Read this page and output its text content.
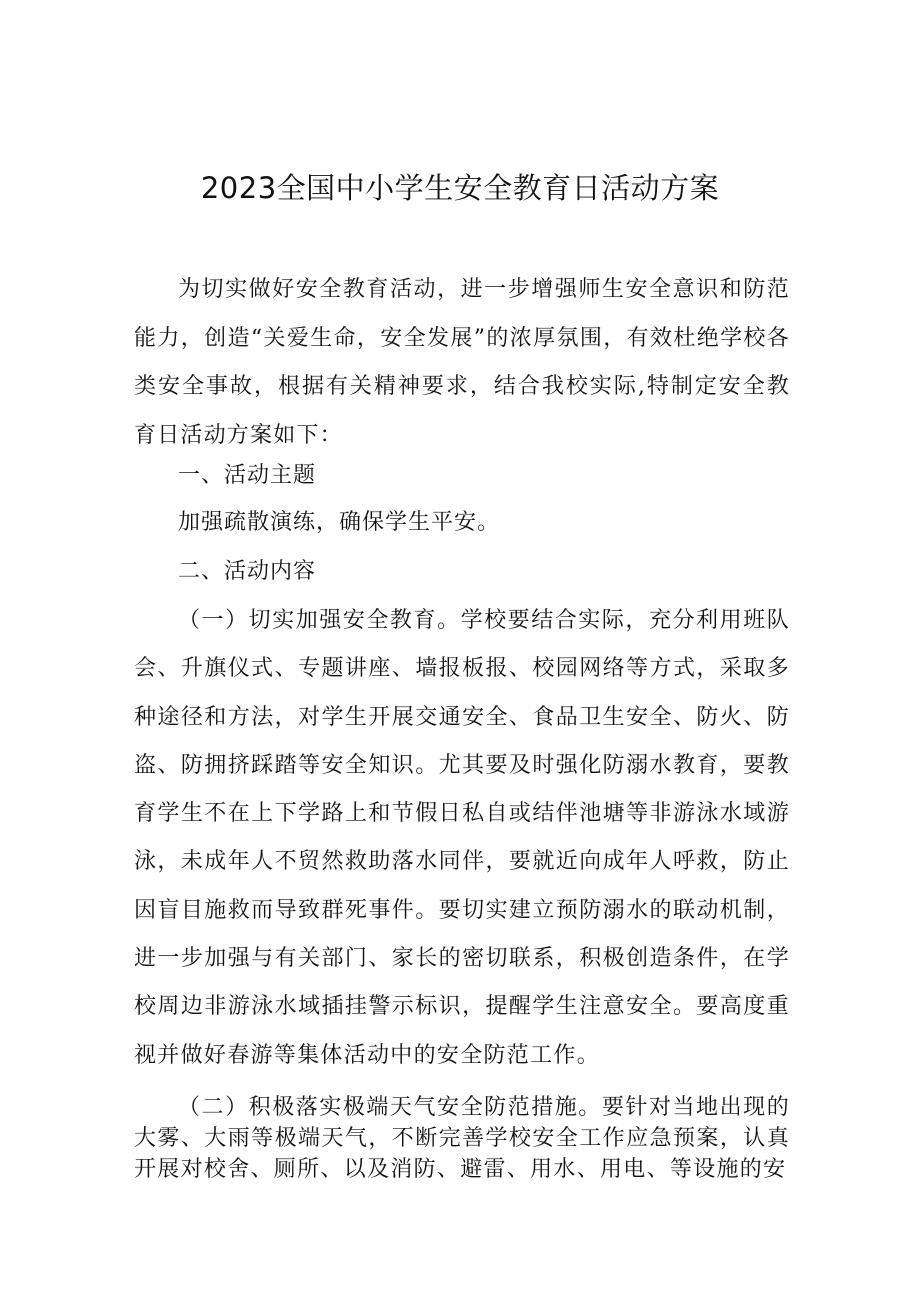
2023全国中小学生安全教育日活动方案

为切实做好安全教育活动，进一步增强师生安全意识和防范能力，创造“关爱生命，安全发展”的浓厚氛围，有效杜绝学校各类安全事故，根据有关精神要求，结合我校实际,特制定安全教育日活动方案如下：

一、活动主题

加强疏散演练，确保学生平安。

二、活动内容

（一）切实加强安全教育。学校要结合实际，充分利用班队会、升旗仪式、专题讲座、墙报板报、校园网络等方式，采取多种途径和方法，对学生开展交通安全、食品卫生安全、防火、防盗、防拥挤踩踏等安全知识。尤其要及时强化防溺水教育，要教育学生不在上下学路上和节假日私自或结伴池塘等非游泳水域游泳，未成年人不贸然救助落水同伴，要就近向成年人呼救，防止因盲目施救而导致群死事件。要切实建立预防溺水的联动机制，进一步加强与有关部门、家长的密切联系，积极创造条件，在学校周边非游泳水域插挂警示标识，提醒学生注意安全。要高度重视并做好春游等集体活动中的安全防范工作。

（二）积极落实极端天气安全防范措施。要针对当地出现的大雾、大雨等极端天气，不断完善学校安全工作应急预案，认真开展对校舍、厕所、以及消防、避雷、用水、用电、等设施的安
